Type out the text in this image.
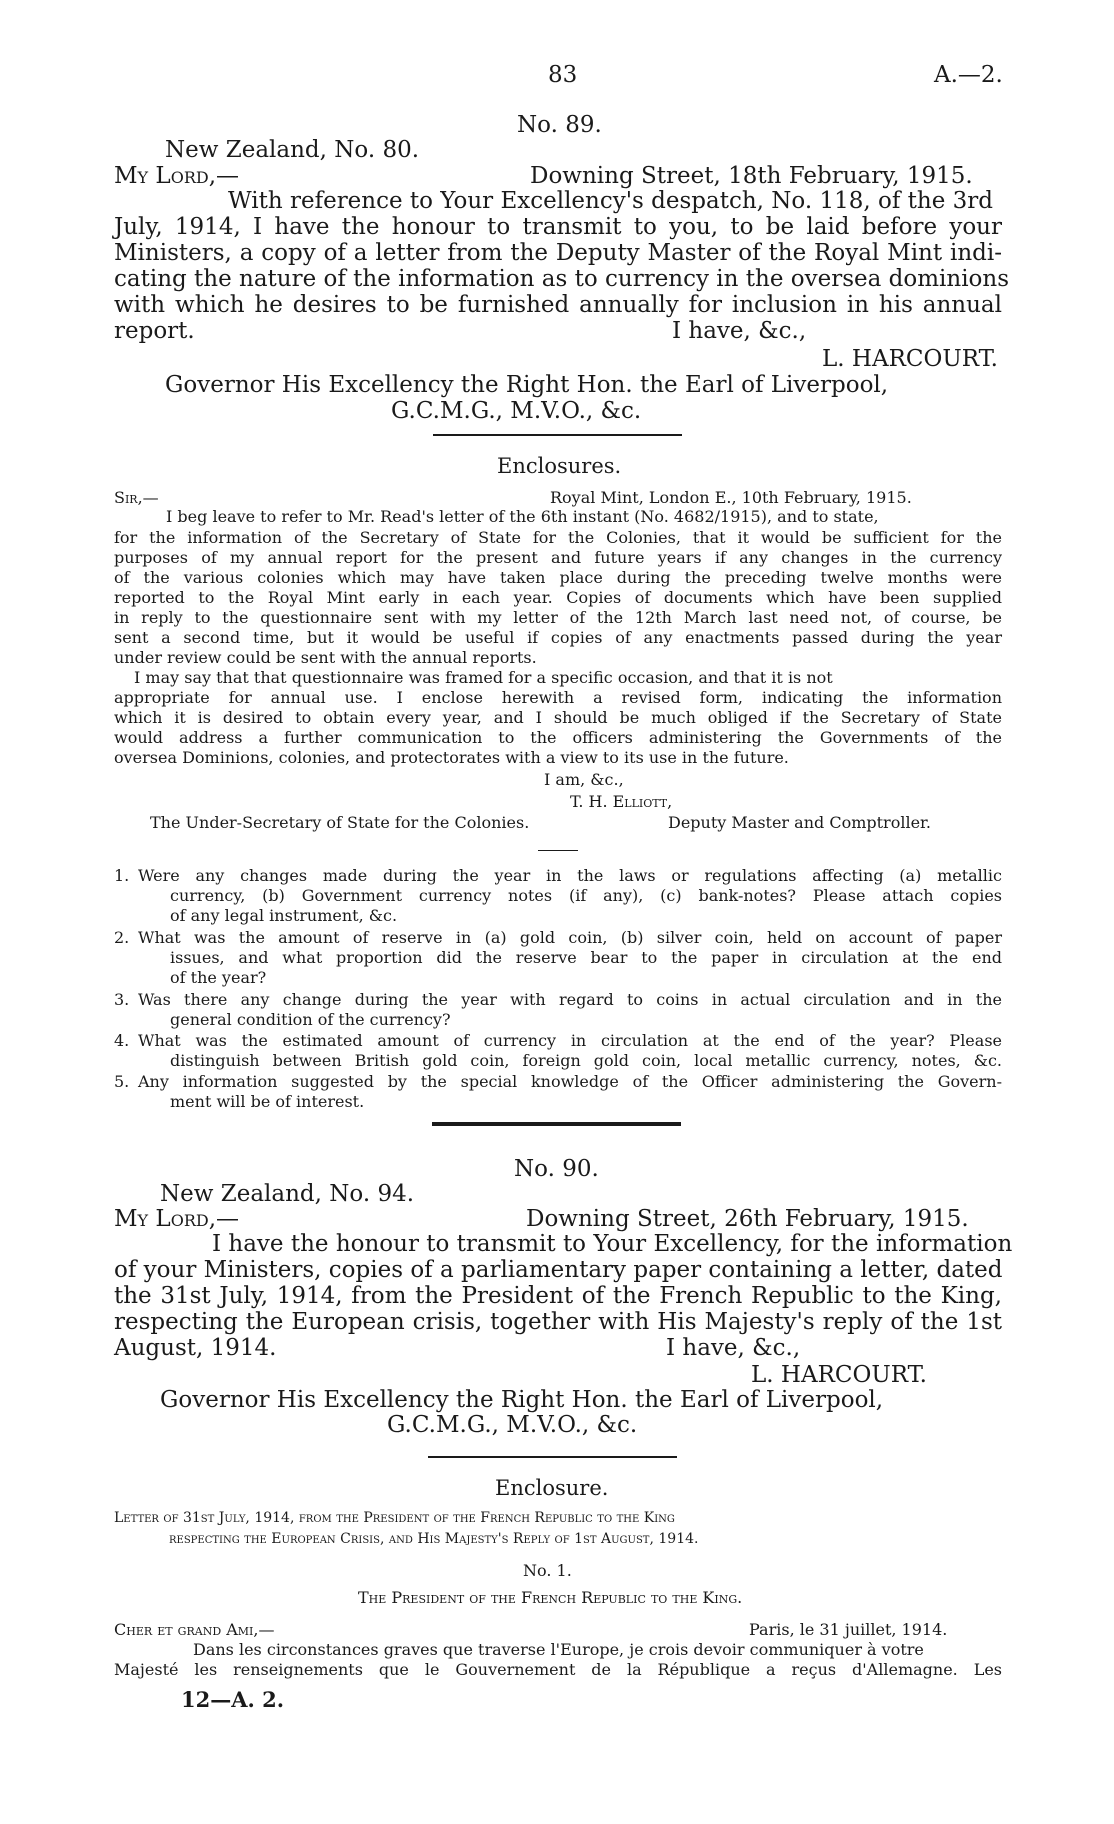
83	A.—2.
No. 89.
New Zealand, No. 80.
My Lord,—	Downing Street, 18th February, 1915.
With reference to Your Excellency's despatch, No. 118, of the 3rd
July, 1914, I have the honour to transmit to you, to be laid before your
Ministers, a copy of a letter from the Deputy Master of the Royal Mint indi-
cating the nature of the information as to currency in the oversea dominions
with which he desires to be furnished annually for inclusion in his annual
report.	I have, &c.,
L. HARCOURT.
Governor His Excellency the Right Hon. the Earl of Liverpool,
G.C.M.G., M.V.O., &c.
Enclosures.
Sir,—	Royal Mint, London E., 10th February, 1915.
I beg leave to refer to Mr. Read's letter of the 6th instant (No. 4682/1915), and to state,
for the information of the Secretary of State for the Colonies, that it would be sufficient for the
purposes of my annual report for the present and future years if any changes in the currency
of the various colonies which may have taken place during the preceding twelve months were
reported to the Royal Mint early in each year. Copies of documents which have been supplied
in reply to the questionnaire sent with my letter of the 12th March last need not, of course, be
sent a second time, but it would be useful if copies of any enactments passed during the year
under review could be sent with the annual reports.
I may say that that questionnaire was framed for a specific occasion, and that it is not
appropriate for annual use. I enclose herewith a revised form, indicating the information
which it is desired to obtain every year, and I should be much obliged if the Secretary of State
would address a further communication to the officers administering the Governments of the
oversea Dominions, colonies, and protectorates with a view to its use in the future.
I am, &c.,
T. H. Elliott,
The Under-Secretary of State for the Colonies.	Deputy Master and Comptroller.
1. Were any changes made during the year in the laws or regulations affecting (a) metallic
currency, (b) Government currency notes (if any), (c) bank-notes? Please attach copies
of any legal instrument, &c.
2. What was the amount of reserve in (a) gold coin, (b) silver coin, held on account of paper
issues, and what proportion did the reserve bear to the paper in circulation at the end
of the year?
3. Was there any change during the year with regard to coins in actual circulation and in the
general condition of the currency?
4. What was the estimated amount of currency in circulation at the end of the year? Please
distinguish between British gold coin, foreign gold coin, local metallic currency, notes, &c.
5. Any information suggested by the special knowledge of the Officer administering the Govern-
ment will be of interest.
No. 90.
New Zealand, No. 94.
My Lord,—	Downing Street, 26th February, 1915.
I have the honour to transmit to Your Excellency, for the information
of your Ministers, copies of a parliamentary paper containing a letter, dated
the 31st July, 1914, from the President of the French Republic to the King,
respecting the European crisis, together with His Majesty's reply of the 1st
August, 1914.	I have, &c.,
L. HARCOURT.
Governor His Excellency the Right Hon. the Earl of Liverpool,
G.C.M.G., M.V.O., &c.
Enclosure.
Letter of 31st July, 1914, from the President of the French Republic to the King
respecting the European Crisis, and His Majesty's Reply of 1st August, 1914.
No. 1.
The President of the French Republic to the King.
Cher et grand Ami,—	Paris, le 31 juillet, 1914.
Dans les circonstances graves que traverse l'Europe, je crois devoir communiquer à votre
Majesté les renseignements que le Gouvernement de la République a reçus d'Allemagne. Les
12—A. 2.
